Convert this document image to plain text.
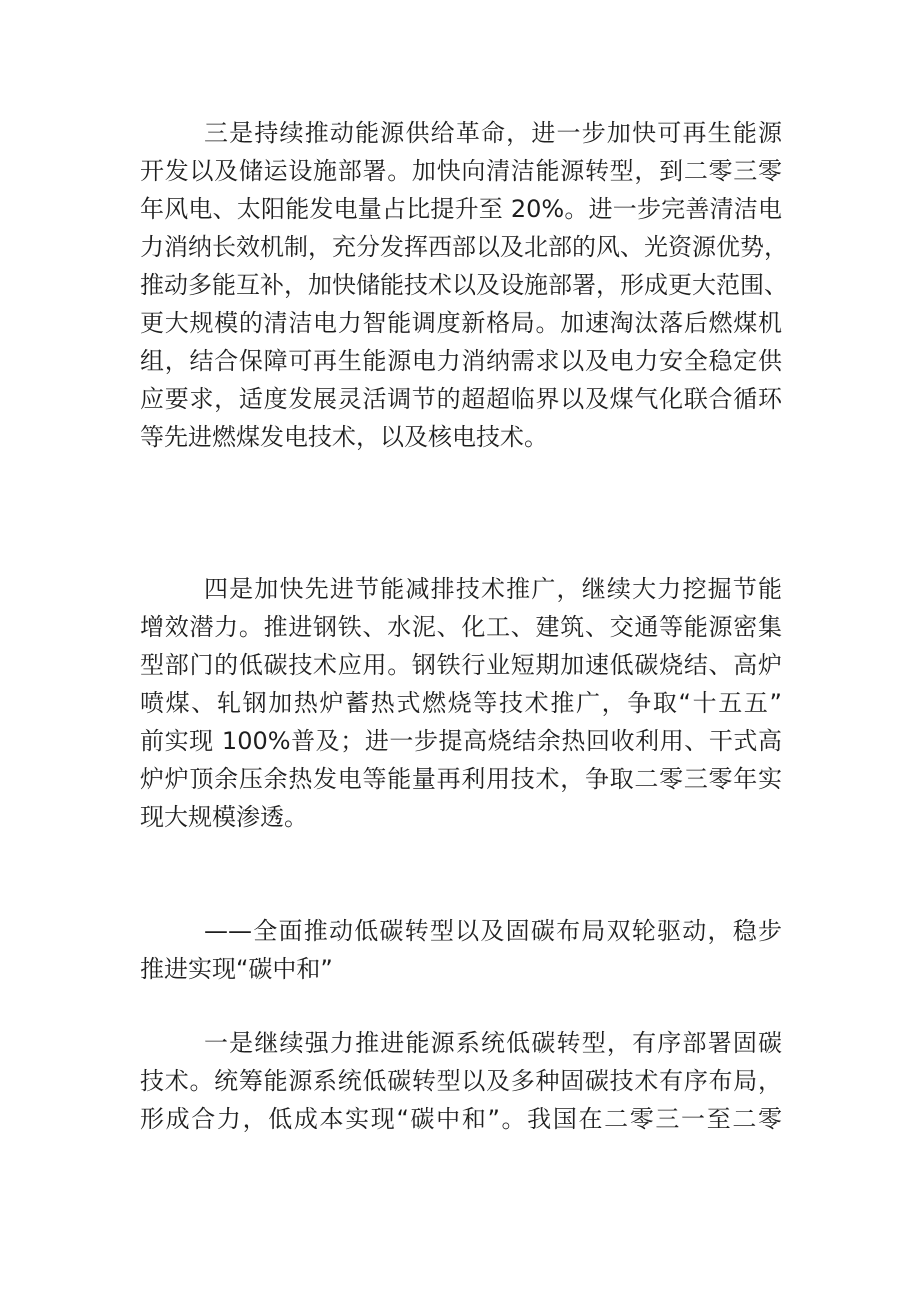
三是持续推动能源供给革命，进一步加快可再生能源
开发以及储运设施部署。加快向清洁能源转型，到二零三零
年风电、太阳能发电量占比提升至 20%。进一步完善清洁电
力消纳长效机制，充分发挥西部以及北部的风、光资源优势，
推动多能互补，加快储能技术以及设施部署，形成更大范围、
更大规模的清洁电力智能调度新格局。加速淘汰落后燃煤机
组，结合保障可再生能源电力消纳需求以及电力安全稳定供
应要求，适度发展灵活调节的超超临界以及煤气化联合循环
等先进燃煤发电技术，以及核电技术。
四是加快先进节能减排技术推广，继续大力挖掘节能
增效潜力。推进钢铁、水泥、化工、建筑、交通等能源密集
型部门的低碳技术应用。钢铁行业短期加速低碳烧结、高炉
喷煤、轧钢加热炉蓄热式燃烧等技术推广，争取“十五五”
前实现 100%普及；进一步提高烧结余热回收利用、干式高
炉炉顶余压余热发电等能量再利用技术，争取二零三零年实
现大规模渗透。
——全面推动低碳转型以及固碳布局双轮驱动，稳步
推进实现“碳中和”
一是继续强力推进能源系统低碳转型，有序部署固碳
技术。统筹能源系统低碳转型以及多种固碳技术有序布局，
形成合力，低成本实现“碳中和”。我国在二零三一至二零
